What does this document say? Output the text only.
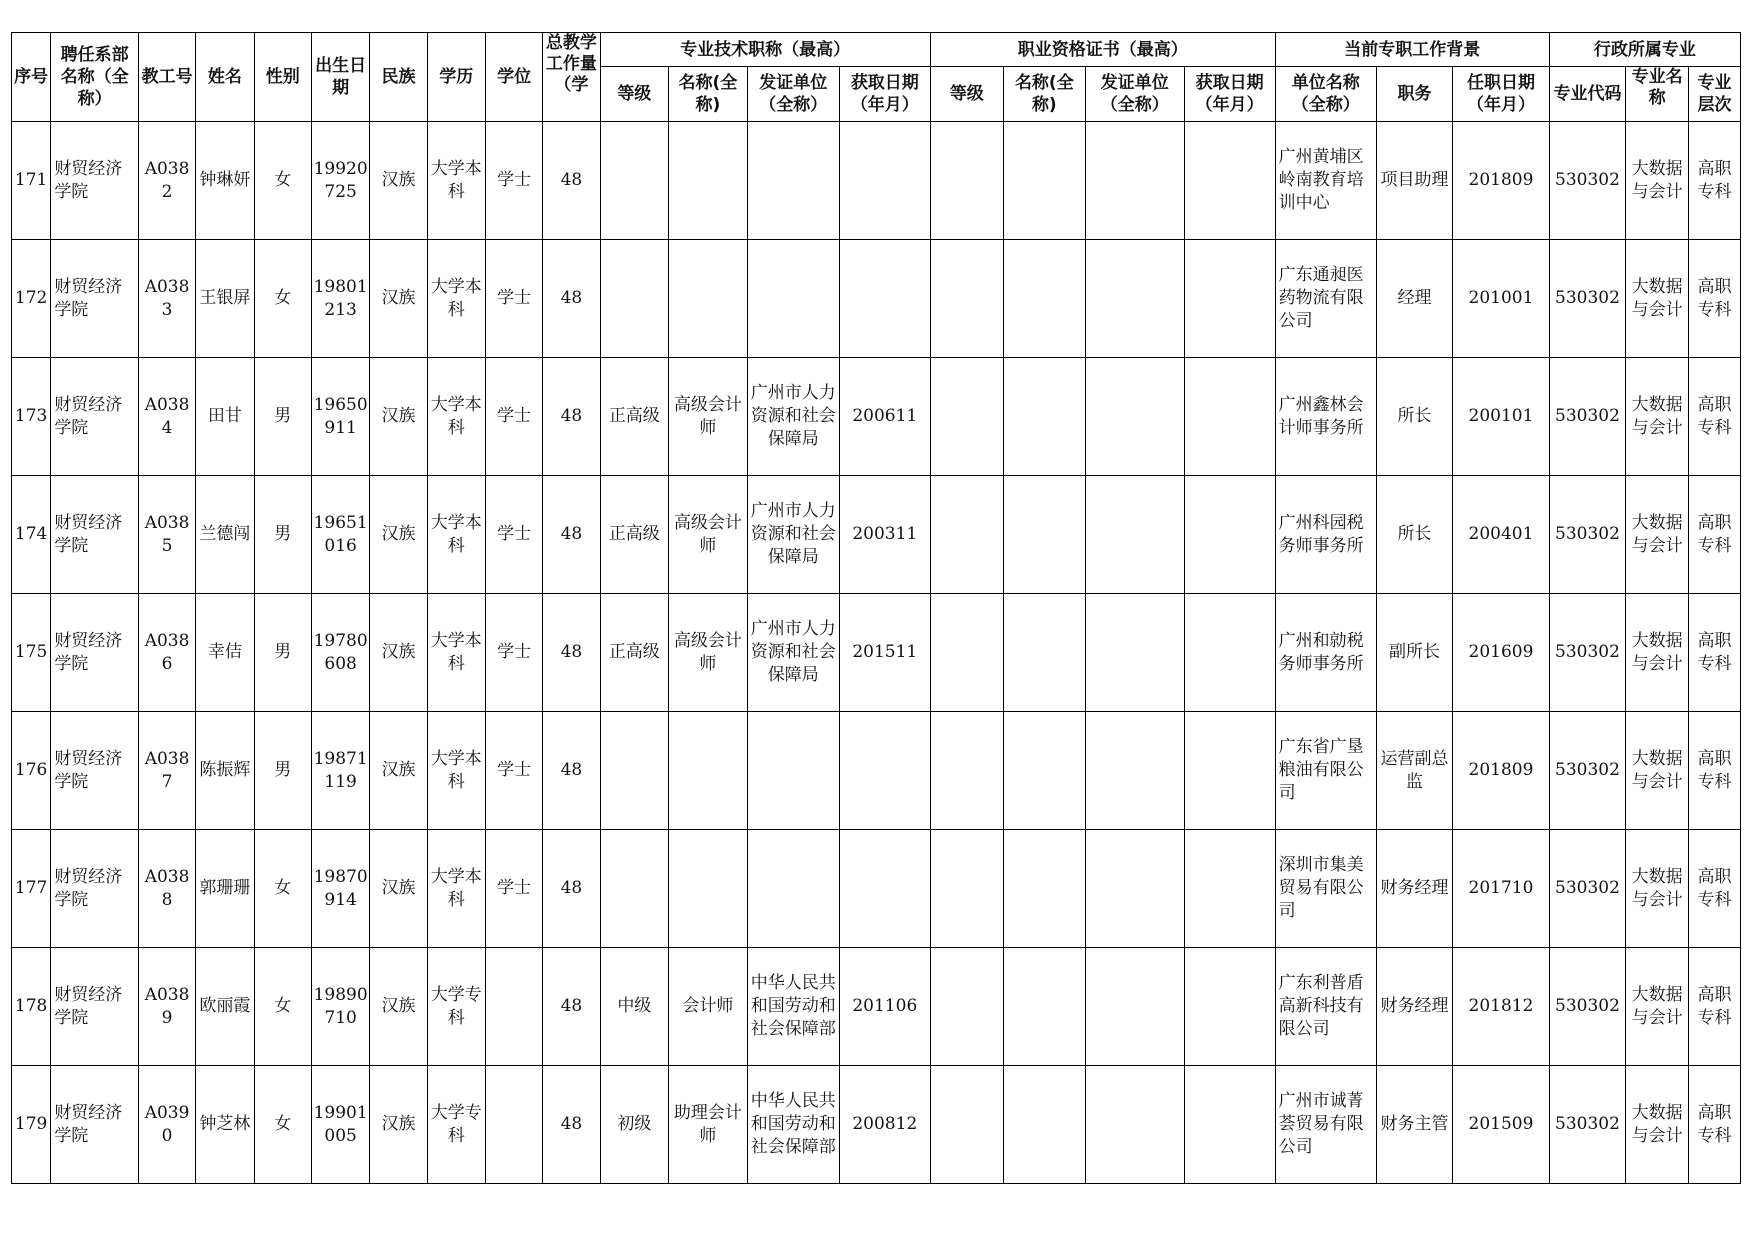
序号	聘任系部名称（全称）	教工号	姓名	性别	出生日期	民族	学历	学位	总教学工作量（学	专业技术职称（最高）				职业资格证书（最高）				当前专职工作背景			行政所属专业		
										等级	名称(全称)	发证单位（全称）	获取日期（年月）	等级	名称(全称)	发证单位（全称）	获取日期（年月）	单位名称（全称）	职务	任职日期（年月）	专业代码	专业名称	专业层次
171	财贸经济学院	A0382	钟琳妍	女	19920725	汉族	大学本科	学士	48									广州黄埔区岭南教育培训中心	项目助理	201809	530302	大数据与会计	高职专科
172	财贸经济学院	A0383	王银屏	女	19801213	汉族	大学本科	学士	48									广东通昶医药物流有限公司	经理	201001	530302	大数据与会计	高职专科
173	财贸经济学院	A0384	田甘	男	19650911	汉族	大学本科	学士	48	正高级	高级会计师	广州市人力资源和社会保障局	200611					广州鑫林会计师事务所	所长	200101	530302	大数据与会计	高职专科
174	财贸经济学院	A0385	兰德闯	男	19651016	汉族	大学本科	学士	48	正高级	高级会计师	广州市人力资源和社会保障局	200311					广州科园税务师事务所	所长	200401	530302	大数据与会计	高职专科
175	财贸经济学院	A0386	幸佶	男	19780608	汉族	大学本科	学士	48	正高级	高级会计师	广州市人力资源和社会保障局	201511					广州和勍税务师事务所	副所长	201609	530302	大数据与会计	高职专科
176	财贸经济学院	A0387	陈振辉	男	19871119	汉族	大学本科	学士	48									广东省广垦粮油有限公司	运营副总监	201809	530302	大数据与会计	高职专科
177	财贸经济学院	A0388	郭珊珊	女	19870914	汉族	大学本科	学士	48									深圳市集美贸易有限公司	财务经理	201710	530302	大数据与会计	高职专科
178	财贸经济学院	A0389	欧丽霞	女	19890710	汉族	大学专科		48	中级	会计师	中华人民共和国劳动和社会保障部	201106					广东利普盾高新科技有限公司	财务经理	201812	530302	大数据与会计	高职专科
179	财贸经济学院	A0390	钟芝林	女	19901005	汉族	大学专科		48	初级	助理会计师	中华人民共和国劳动和社会保障部	200812					广州市诚菁荟贸易有限公司	财务主管	201509	530302	大数据与会计	高职专科
